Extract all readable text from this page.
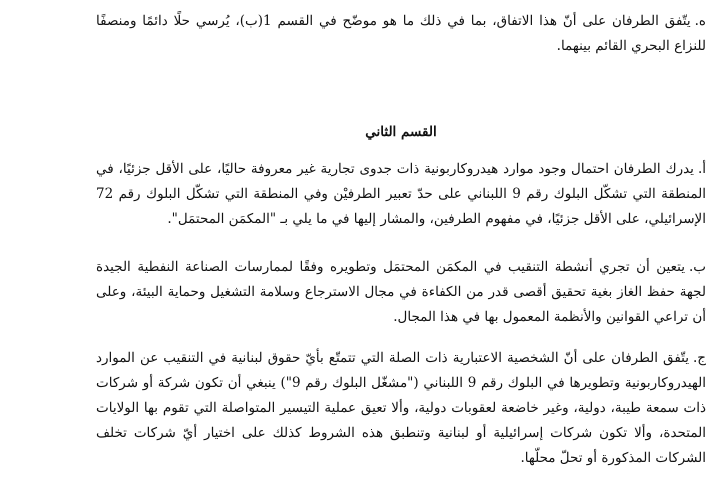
ه.يتّفق الطرفان على أنّ هذا الاتفاق، بما في ذلك ما هو موضّح في القسم 1(ب)، يُرسي حلًا دائمًا ومنصفًا للنزاع البحري القائم بينهما.

القسم الثاني

أ.يدرك الطرفان احتمال وجود موارد هيدروكاربونية ذات جدوى تجارية غير معروفة حاليًا، على الأقل جزئيًا، في المنطقة التي تشكّل البلوك رقم 9 اللبناني على حدّ تعبير الطرفيْن وفي المنطقة التي تشكّل البلوك رقم 72 الإسرائيلي، على الأقل جزئيًا، في مفهوم الطرفين، والمشار إليها في ما يلي بـ "المكمَن المحتمَل".

ب.يتعين أن تجري أنشطة التنقيب في المكمَن المحتمَل وتطويره وفقًا لممارسات الصناعة النفطية الجيدة لجهة حفظ الغاز بغية تحقيق أقصى قدر من الكفاءة في مجال الاسترجاع وسلامة التشغيل وحماية البيئة، وعلى أن تراعي القوانين والأنظمة المعمول بها في هذا المجال.

ج.يتّفق الطرفان على أنّ الشخصية الاعتبارية ذات الصلة التي تتمتّع بأيّ حقوق لبنانية في التنقيب عن الموارد الهيدروكاربونية وتطويرها في البلوك رقم 9 اللبناني ("مشغّل البلوك رقم 9") ينبغي أن تكون شركة أو شركات ذات سمعة طيبة، دولية، وغير خاضعة لعقوبات دولية، وألا تعيق عملية التيسير المتواصلة التي تقوم بها الولايات المتحدة، وألا تكون شركات إسرائيلية أو لبنانية وتنطبق هذه الشروط كذلك على اختيار أيّ شركات تخلف الشركات المذكورة أو تحلّ محلّها.
